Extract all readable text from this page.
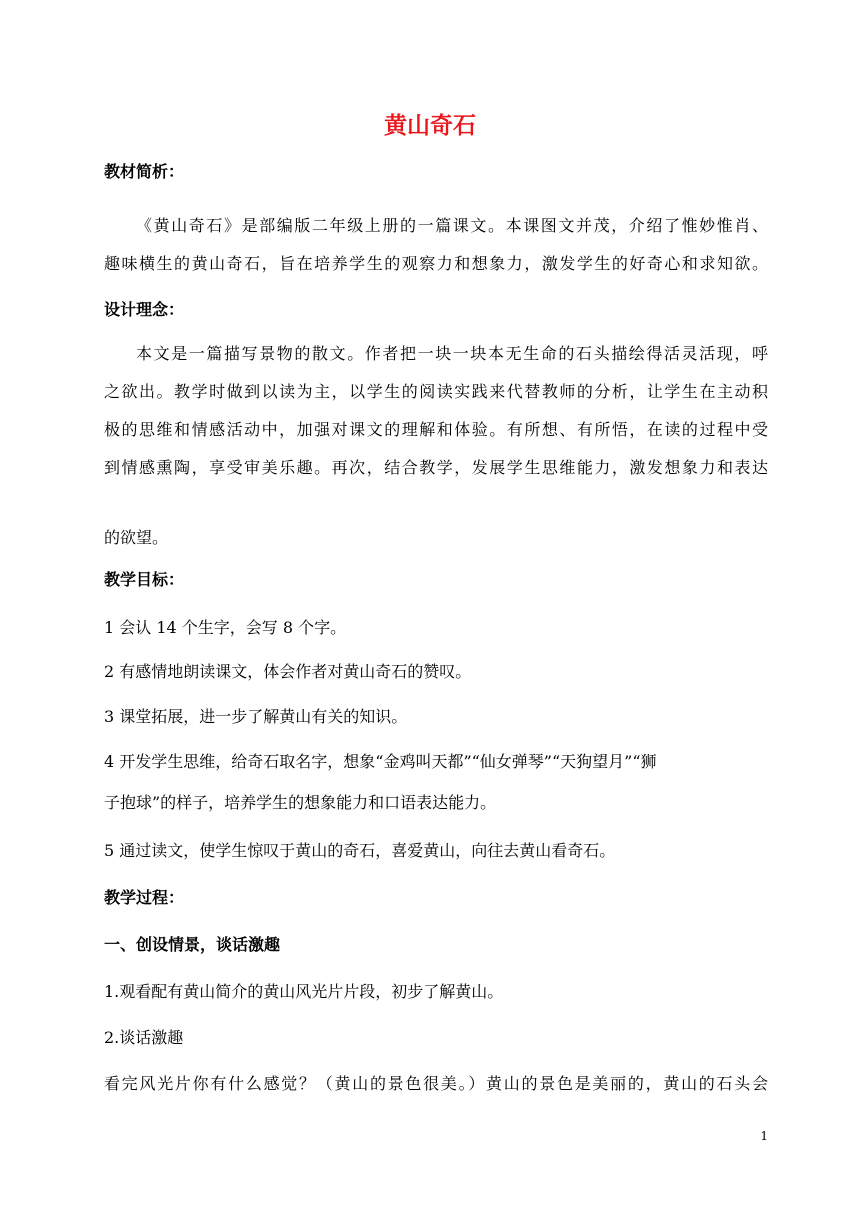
黄山奇石

教材简析：

《黄山奇石》是部编版二年级上册的一篇课文。本课图文并茂，介绍了惟妙惟肖、

趣味横生的黄山奇石，旨在培养学生的观察力和想象力，激发学生的好奇心和求知欲。

设计理念：

本文是一篇描写景物的散文。作者把一块一块本无生命的石头描绘得活灵活现，呼

之欲出。教学时做到以读为主，以学生的阅读实践来代替教师的分析，让学生在主动积

极的思维和情感活动中，加强对课文的理解和体验。有所想、有所悟，在读的过程中受

到情感熏陶，享受审美乐趣。再次，结合教学，发展学生思维能力，激发想象力和表达

的欲望。

教学目标：

1 会认 14 个生字，会写 8 个字。

2 有感情地朗读课文，体会作者对黄山奇石的赞叹。

3 课堂拓展，进一步了解黄山有关的知识。

4 开发学生思维，给奇石取名字，想象“金鸡叫天都”“仙女弹琴”“天狗望月”“狮

子抱球”的样子，培养学生的想象能力和口语表达能力。

5 通过读文，使学生惊叹于黄山的奇石，喜爱黄山，向往去黄山看奇石。

教学过程：

一、创设情景，谈话激趣

1.观看配有黄山简介的黄山风光片片段，初步了解黄山。

2.谈话激趣

看完风光片你有什么感觉？（黄山的景色很美。）黄山的景色是美丽的，黄山的石头会

1
